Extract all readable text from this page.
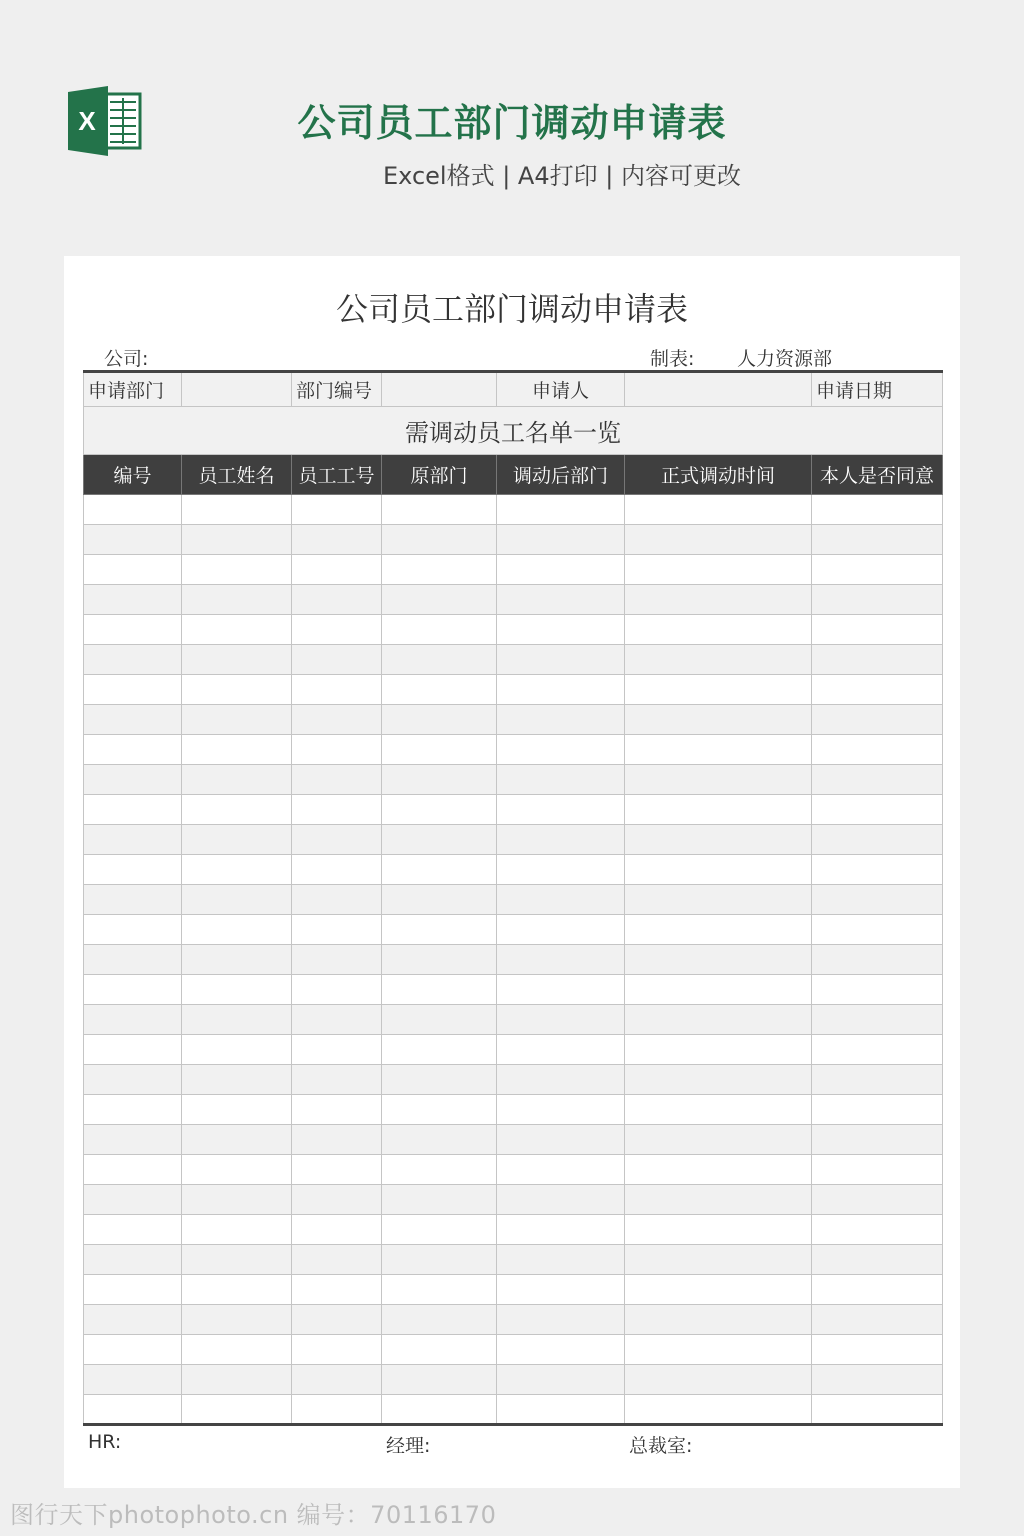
X	公司员工部门调动申请表
Excel格式 | A4打印 | 内容可更改
公司员工部门调动申请表
公司:	制表: 人力资源部
申请部门		部门编号		申请人		申请日期
需调动员工名单一览						
编号	员工姓名	员工工号	原部门	调动后部门	正式调动时间	本人是否同意

HR:	经理:	总裁室:
图行天下photophoto.cn 编号：70116170
